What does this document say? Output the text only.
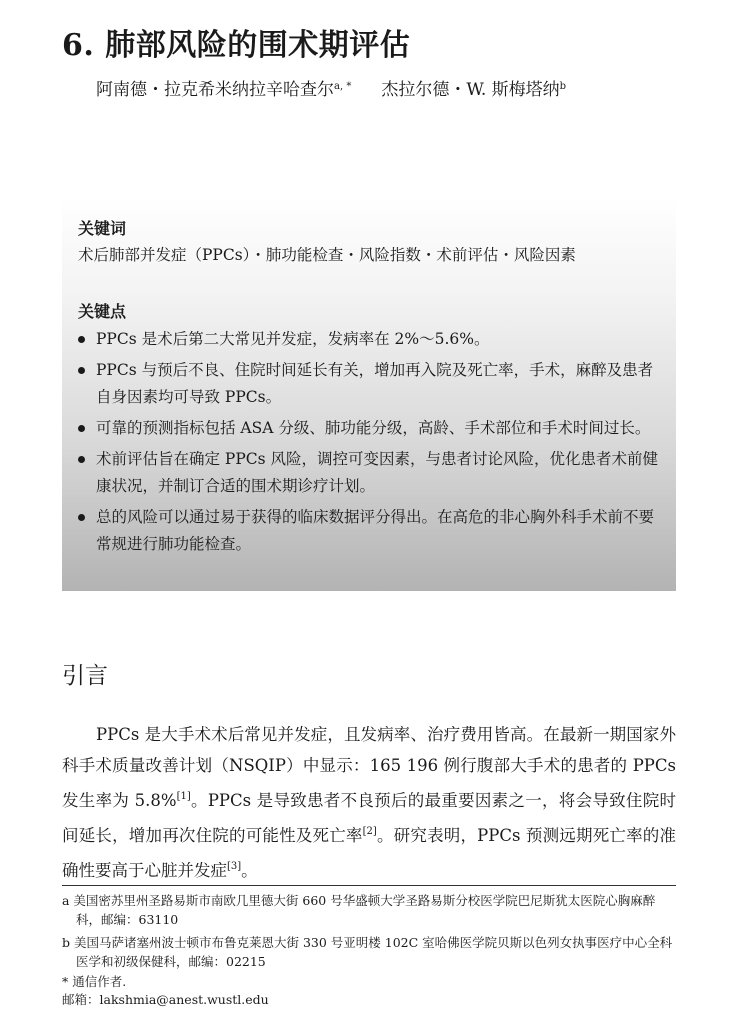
6. 肺部风险的围术期评估
阿南德・拉克希米纳拉辛哈查尔$^{a, *}$ 杰拉尔德・W. 斯梅塔纳$^b$
关键词
术后肺部并发症（PPCs）・肺功能检查・风险指数・术前评估・风险因素
关键点
PPCs 是术后第二大常见并发症，发病率在 2%～5.6%。
PPCs 与预后不良、住院时间延长有关，增加再入院及死亡率，手术，麻醉及患者自身因素均可导致 PPCs。
可靠的预测指标包括 ASA 分级、肺功能分级，高龄、手术部位和手术时间过长。
术前评估旨在确定 PPCs 风险，调控可变因素，与患者讨论风险，优化患者术前健康状况，并制订合适的围术期诊疗计划。
总的风险可以通过易于获得的临床数据评分得出。在高危的非心胸外科手术前不要常规进行肺功能检查。
引言

PPCs 是大手术术后常见并发症，且发病率、治疗费用皆高。在最新一期国家外科手术质量改善计划（NSQIP）中显示：165 196 例行腹部大手术的患者的 PPCs 发生率为 5.8%[1]。PPCs 是导致患者不良预后的最重要因素之一，将会导致住院时间延长，增加再次住院的可能性及死亡率[2]。研究表明，PPCs 预测远期死亡率的准确性要高于心脏并发症[3]。

a 美国密苏里州圣路易斯市南欧几里德大街 660 号华盛顿大学圣路易斯分校医学院巴尼斯犹太医院心胸麻醉科，邮编：63110
b 美国马萨诸塞州波士顿市布鲁克莱恩大街 330 号亚明楼 102C 室哈佛医学院贝斯以色列女执事医疗中心全科医学和初级保健科，邮编：02215
* 通信作者.
邮箱：lakshmia@anest.wustl.edu
